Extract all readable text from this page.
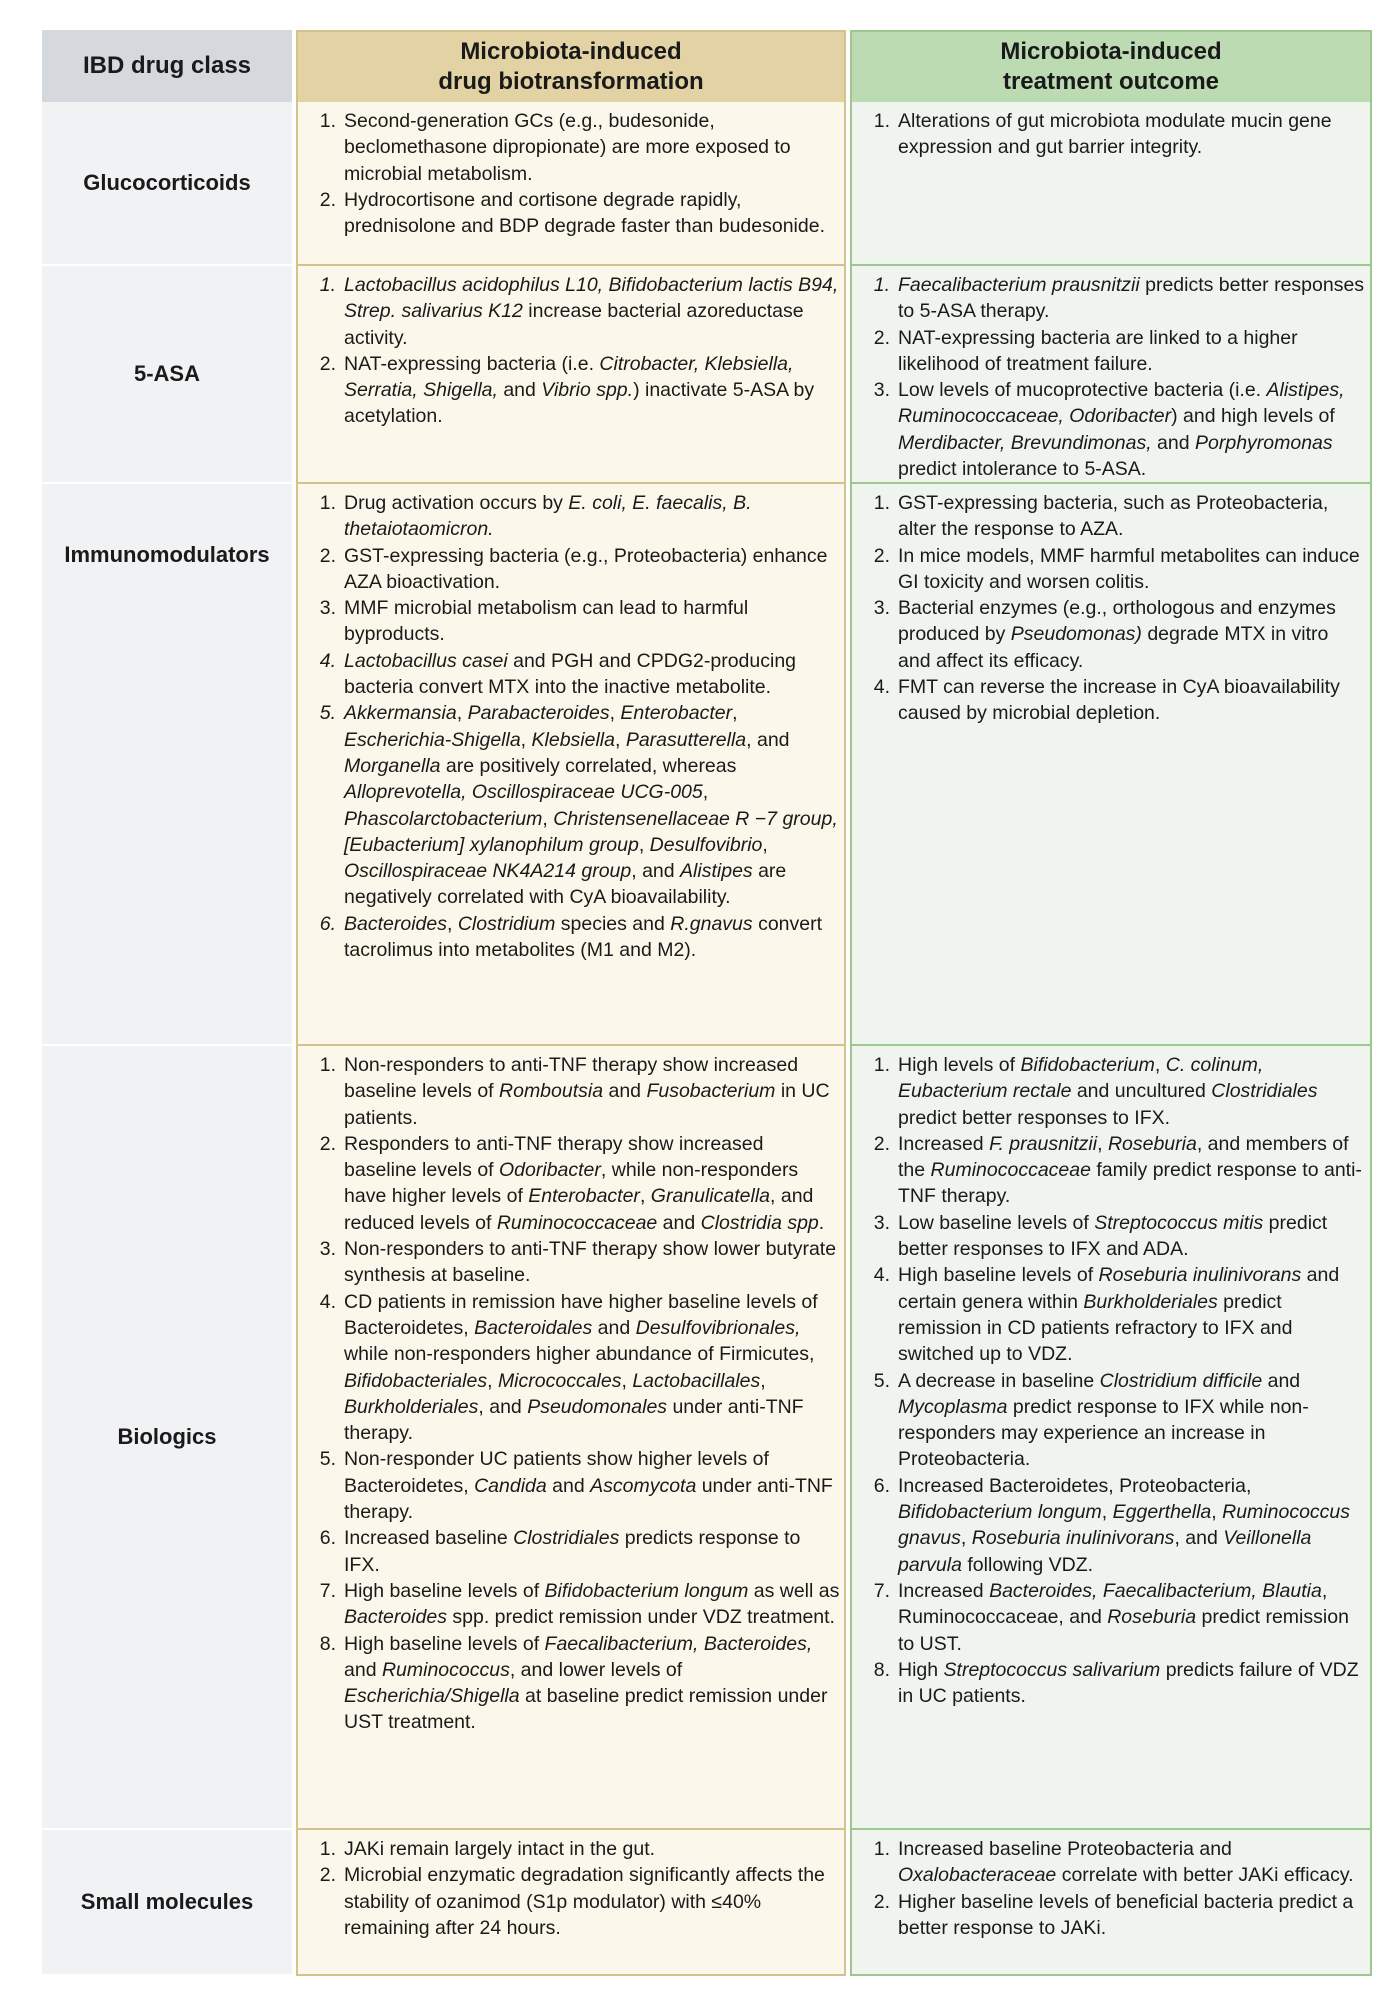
IBD drug class
Microbiota-induced
drug biotransformation
Microbiota-induced
treatment outcome
Glucocorticoids
1. Second-generation GCs (e.g., budesonide, beclomethasone dipropionate) are more exposed to microbial metabolism.
2. Hydrocortisone and cortisone degrade rapidly, prednisolone and BDP degrade faster than budesonide.
1. Alterations of gut microbiota modulate mucin gene expression and gut barrier integrity.
5-ASA
1. Lactobacillus acidophilus L10, Bifidobacterium lactis B94, Strep. salivarius K12 increase bacterial azoreductase activity.
2. NAT-expressing bacteria (i.e. Citrobacter, Klebsiella, Serratia, Shigella, and Vibrio spp.) inactivate 5-ASA by acetylation.
1. Faecalibacterium prausnitzii predicts better responses to 5-ASA therapy.
2. NAT-expressing bacteria are linked to a higher likelihood of treatment failure.
3. Low levels of mucoprotective bacteria (i.e. Alistipes, Ruminococcaceae, Odoribacter) and high levels of Merdibacter, Brevundimonas, and Porphyromonas predict intolerance to 5-ASA.
Immunomodulators
1. Drug activation occurs by E. coli, E. faecalis, B. thetaiotaomicron.
2. GST-expressing bacteria (e.g., Proteobacteria) enhance AZA bioactivation.
3. MMF microbial metabolism can lead to harmful byproducts.
4. Lactobacillus casei and PGH and CPDG2-producing bacteria convert MTX into the inactive metabolite.
5. Akkermansia, Parabacteroides, Enterobacter, Escherichia-Shigella, Klebsiella, Parasutterella, and Morganella are positively correlated, whereas Alloprevotella, Oscillospiraceae UCG-005, Phascolarctobacterium, Christensenellaceae R −7 group, [Eubacterium] xylanophilum group, Desulfovibrio, Oscillospiraceae NK4A214 group, and Alistipes are negatively correlated with CyA bioavailability.
6. Bacteroides, Clostridium species and R.gnavus convert tacrolimus into metabolites (M1 and M2).
1. GST-expressing bacteria, such as Proteobacteria, alter the response to AZA.
2. In mice models, MMF harmful metabolites can induce GI toxicity and worsen colitis.
3. Bacterial enzymes (e.g., orthologous and enzymes produced by Pseudomonas) degrade MTX in vitro and affect its efficacy.
4. FMT can reverse the increase in CyA bioavailability caused by microbial depletion.
Biologics
1. Non-responders to anti-TNF therapy show increased baseline levels of Romboutsia and Fusobacterium in UC patients.
2. Responders to anti-TNF therapy show increased baseline levels of Odoribacter, while non-responders have higher levels of Enterobacter, Granulicatella, and reduced levels of Ruminococcaceae and Clostridia spp.
3. Non-responders to anti-TNF therapy show lower butyrate synthesis at baseline.
4. CD patients in remission have higher baseline levels of Bacteroidetes, Bacteroidales and Desulfovibrionales, while non-responders higher abundance of Firmicutes, Bifidobacteriales, Micrococcales, Lactobacillales, Burkholderiales, and Pseudomonales under anti-TNF therapy.
5. Non-responder UC patients show higher levels of Bacteroidetes, Candida and Ascomycota under anti-TNF therapy.
6. Increased baseline Clostridiales predicts response to IFX.
7. High baseline levels of Bifidobacterium longum as well as Bacteroides spp. predict remission under VDZ treatment.
8. High baseline levels of Faecalibacterium, Bacteroides, and Ruminococcus, and lower levels of Escherichia/Shigella at baseline predict remission under UST treatment.
1. High levels of Bifidobacterium, C. colinum, Eubacterium rectale and uncultured Clostridiales predict better responses to IFX.
2. Increased F. prausnitzii, Roseburia, and members of the Ruminococcaceae family predict response to anti-TNF therapy.
3. Low baseline levels of Streptococcus mitis predict better responses to IFX and ADA.
4. High baseline levels of Roseburia inulinivorans and certain genera within Burkholderiales predict remission in CD patients refractory to IFX and switched up to VDZ.
5. A decrease in baseline Clostridium difficile and Mycoplasma predict response to IFX while non-responders may experience an increase in Proteobacteria.
6. Increased Bacteroidetes, Proteobacteria, Bifidobacterium longum, Eggerthella, Ruminococcus gnavus, Roseburia inulinivorans, and Veillonella parvula following VDZ.
7. Increased Bacteroides, Faecalibacterium, Blautia, Ruminococcaceae, and Roseburia predict remission to UST.
8. High Streptococcus salivarium predicts failure of VDZ in UC patients.
Small molecules
1. JAKi remain largely intact in the gut.
2. Microbial enzymatic degradation significantly affects the stability of ozanimod (S1p modulator) with ≤40% remaining after 24 hours.
1. Increased baseline Proteobacteria and Oxalobacteraceae correlate with better JAKi efficacy.
2. Higher baseline levels of beneficial bacteria predict a better response to JAKi.
